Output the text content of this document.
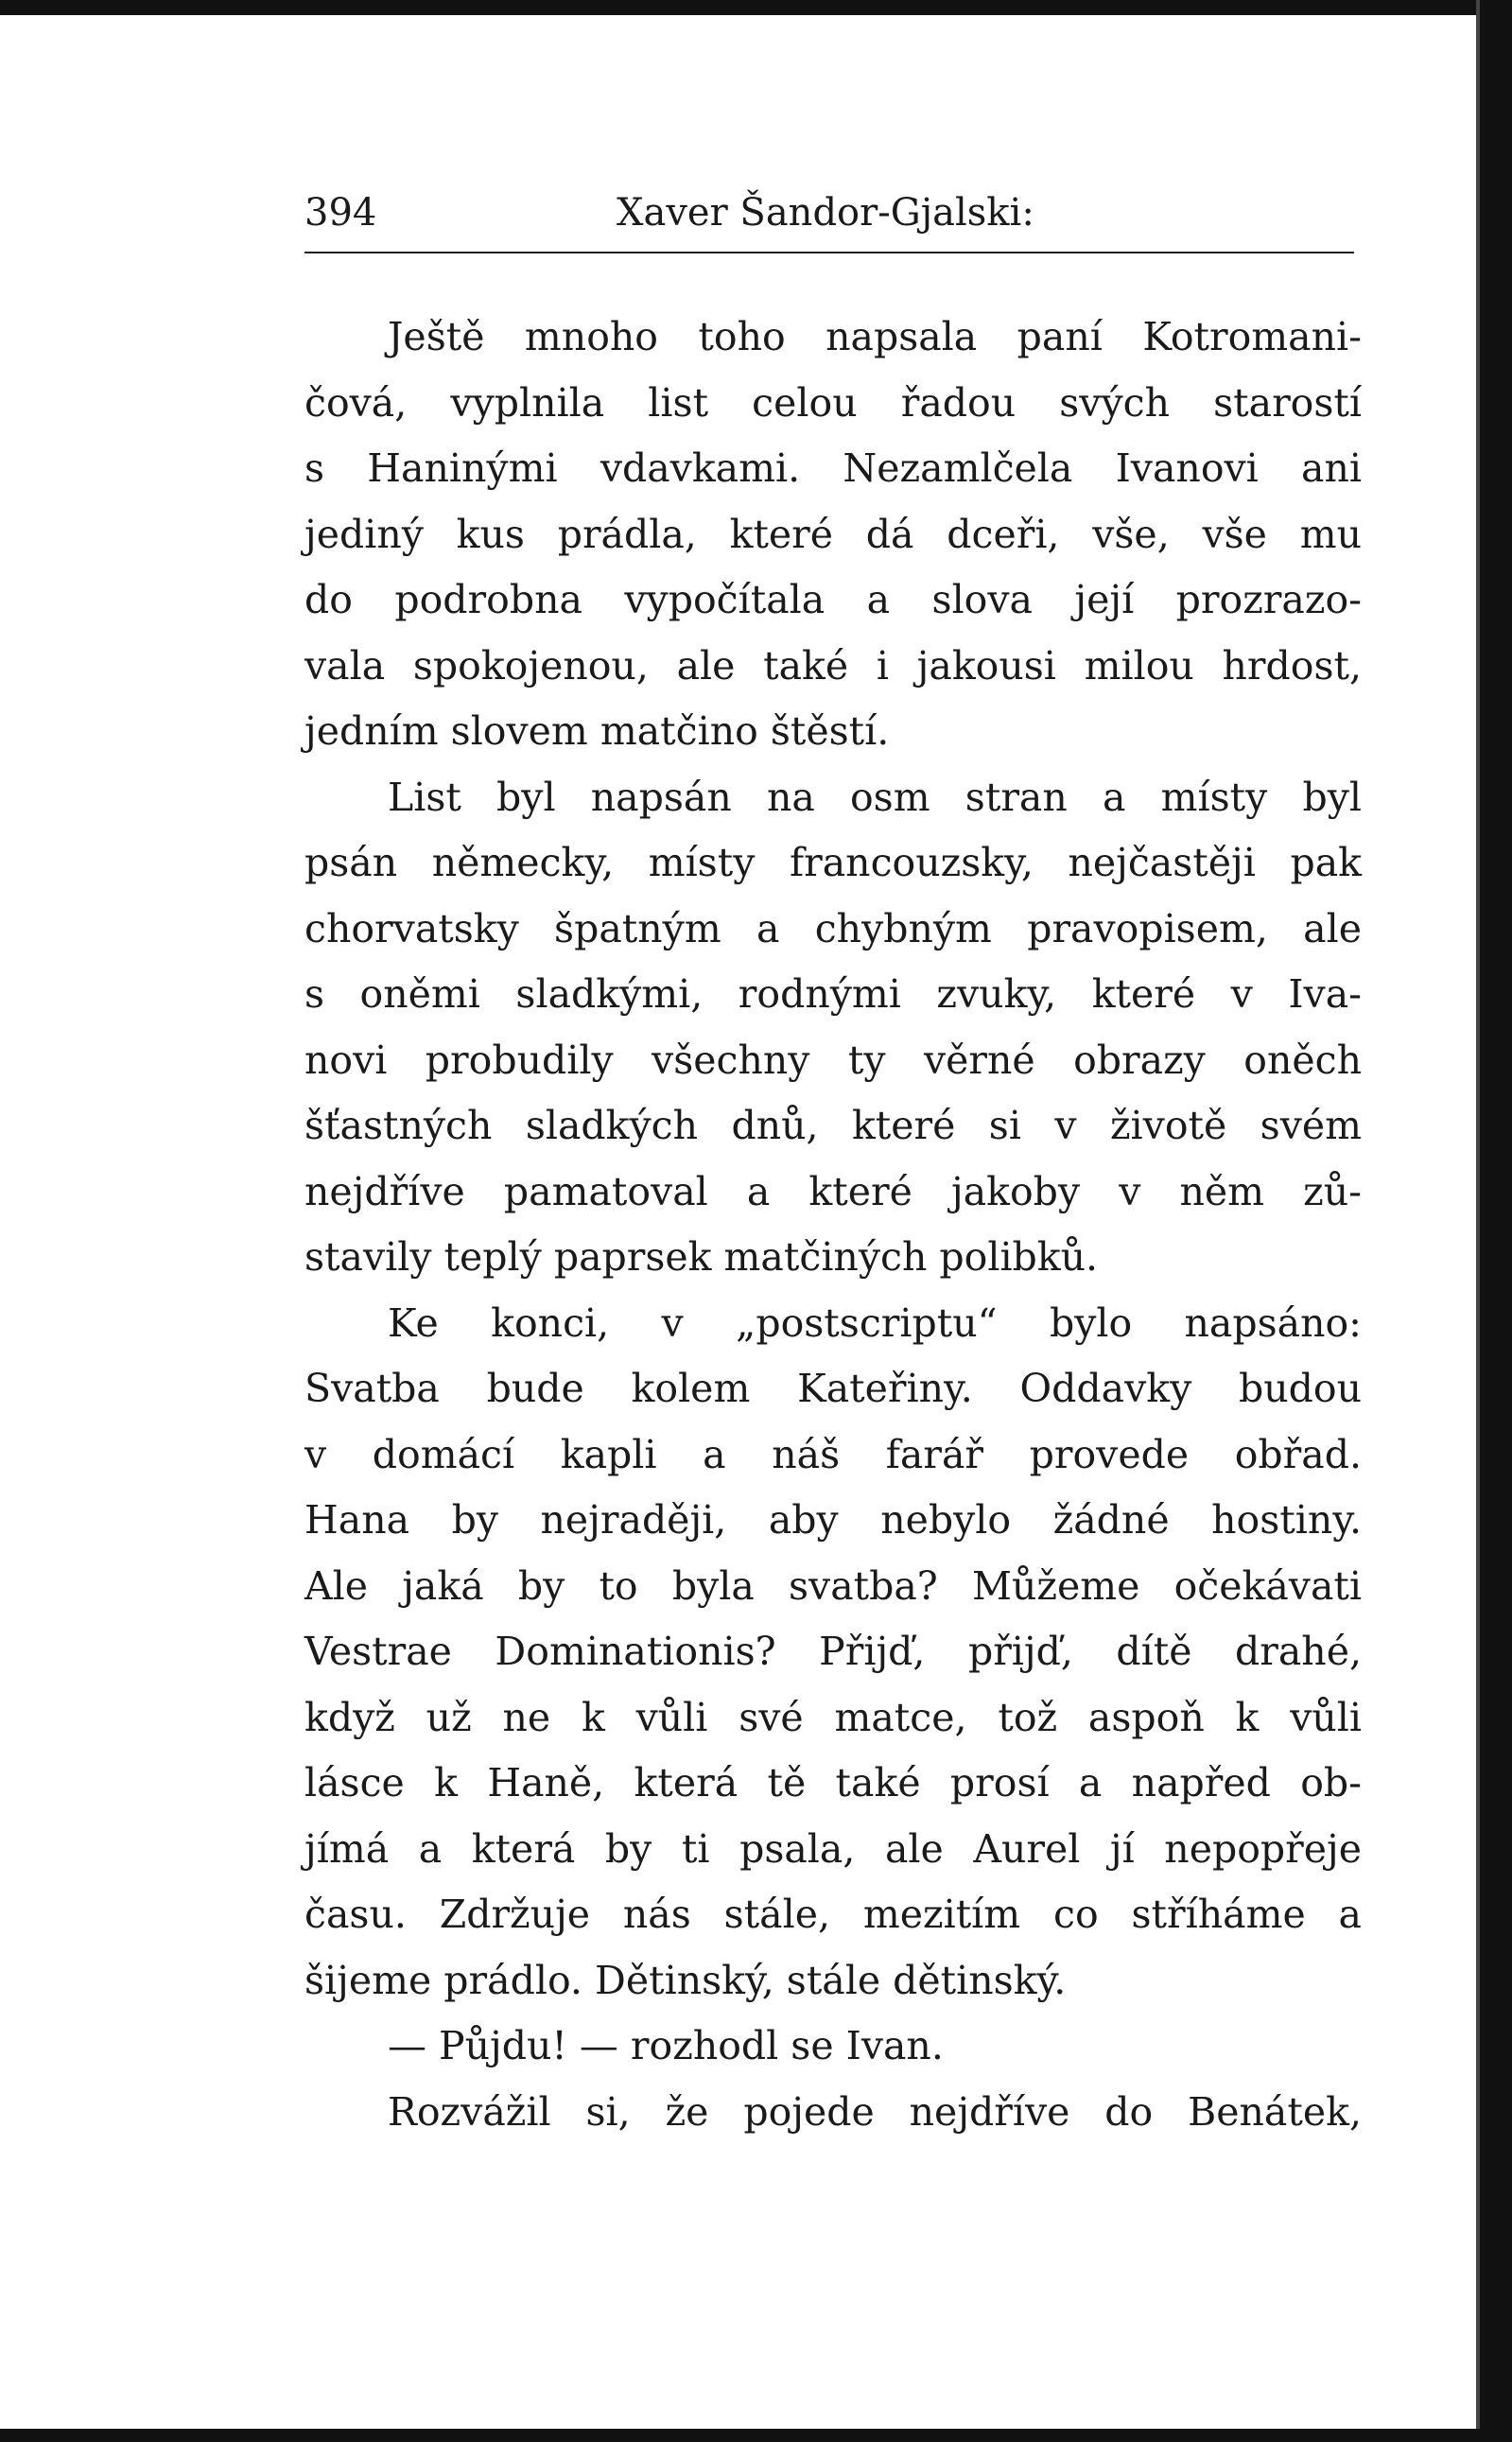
394	Xaver Šandor-Gjalski:
Ještě mnoho toho napsala paní Kotromani-
čová, vyplnila list celou řadou svých starostí
s Haninými vdavkami. Nezamlčela Ivanovi ani
jediný kus prádla, které dá dceři, vše, vše mu
do podrobna vypočítala a slova její prozrazo-
vala spokojenou, ale také i jakousi milou hrdost,
jedním slovem matčino štěstí.
List byl napsán na osm stran a místy byl
psán německy, místy francouzsky, nejčastěji pak
chorvatsky špatným a chybným pravopisem, ale
s oněmi sladkými, rodnými zvuky, které v Iva-
novi probudily všechny ty věrné obrazy oněch
šťastných sladkých dnů, které si v životě svém
nejdříve pamatoval a které jakoby v něm zů-
stavily teplý paprsek matčiných polibků.
Ke konci, v „postscriptu“ bylo napsáno:
Svatba bude kolem Kateřiny. Oddavky budou
v domácí kapli a náš farář provede obřad.
Hana by nejraději, aby nebylo žádné hostiny.
Ale jaká by to byla svatba? Můžeme očekávati
Vestrae Dominationis? Přijď, přijď, dítě drahé,
když už ne k vůli své matce, tož aspoň k vůli
lásce k Haně, která tě také prosí a napřed ob-
jímá a která by ti psala, ale Aurel jí nepopřeje
času. Zdržuje nás stále, mezitím co stříháme a
šijeme prádlo. Dětinský, stále dětinský.
— Půjdu! — rozhodl se Ivan.
Rozvážil si, že pojede nejdříve do Benátek,
